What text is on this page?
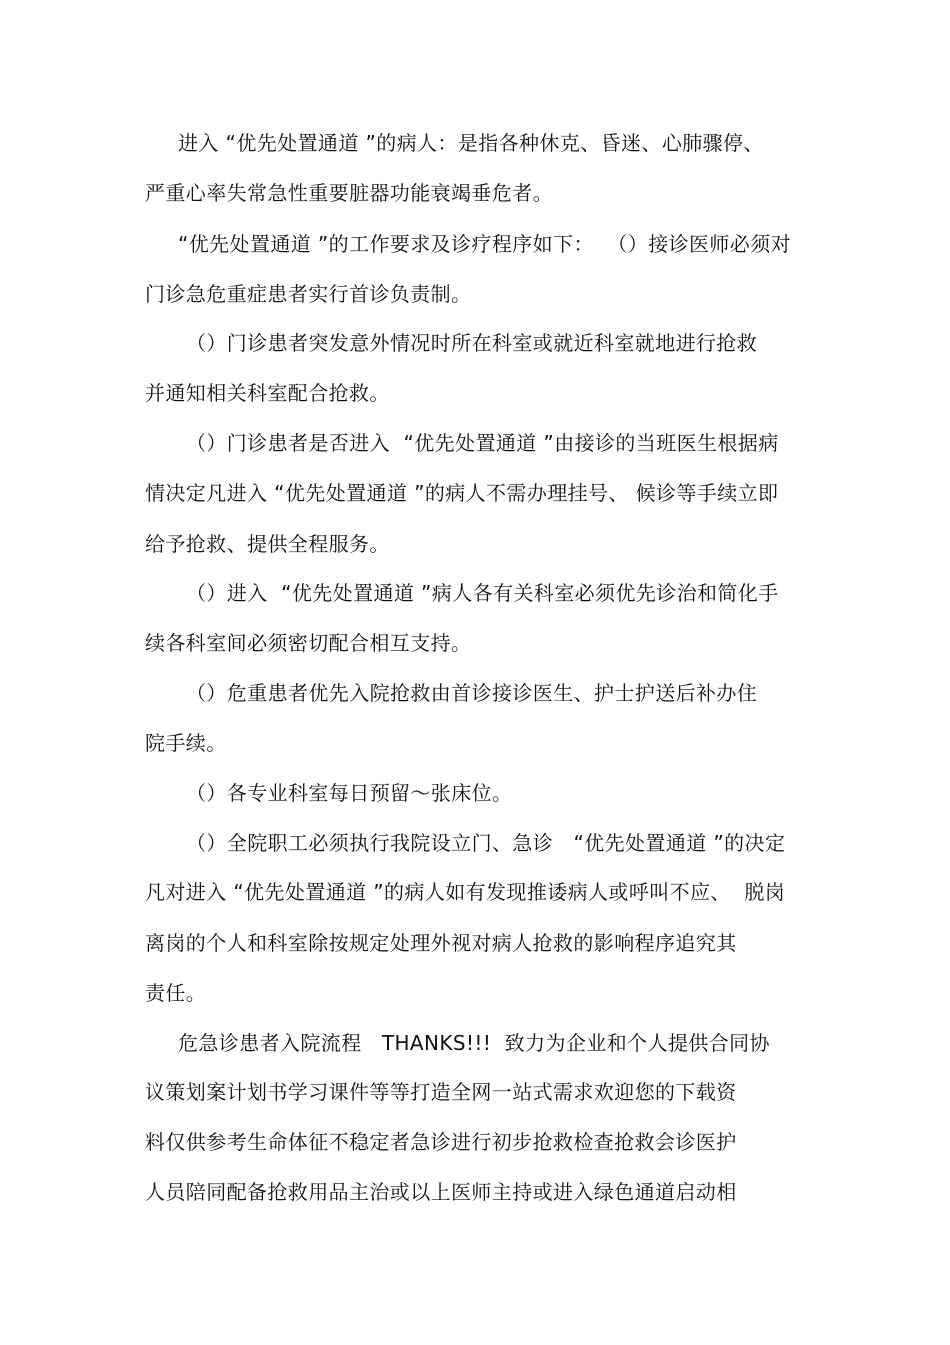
进入 “优先处置通道 ”的病人：是指各种休克、昏迷、心肺骤停、
严重心率失常急性重要脏器功能衰竭垂危者。
“优先处置通道 ”的工作要求及诊疗程序如下：  （）接诊医师必须对
门诊急危重症患者实行首诊负责制。
（）门诊患者突发意外情况时所在科室或就近科室就地进行抢救
并通知相关科室配合抢救。
（）门诊患者是否进入  “优先处置通道 ”由接诊的当班医生根据病
情决定凡进入 “优先处置通道 ”的病人不需办理挂号、 候诊等手续立即
给予抢救、提供全程服务。
（）进入  “优先处置通道 ”病人各有关科室必须优先诊治和简化手
续各科室间必须密切配合相互支持。
（）危重患者优先入院抢救由首诊接诊医生、护士护送后补办住
院手续。
（）各专业科室每日预留～张床位。
（）全院职工必须执行我院设立门、急诊   “优先处置通道 ”的决定
凡对进入 “优先处置通道 ”的病人如有发现推诿病人或呼叫不应、  脱岗
离岗的个人和科室除按规定处理外视对病人抢救的影响程序追究其
责任。
危急诊患者入院流程   THANKS!!!  致力为企业和个人提供合同协
议策划案计划书学习课件等等打造全网一站式需求欢迎您的下载资
料仅供参考生命体征不稳定者急诊进行初步抢救检查抢救会诊医护
人员陪同配备抢救用品主治或以上医师主持或进入绿色通道启动相
